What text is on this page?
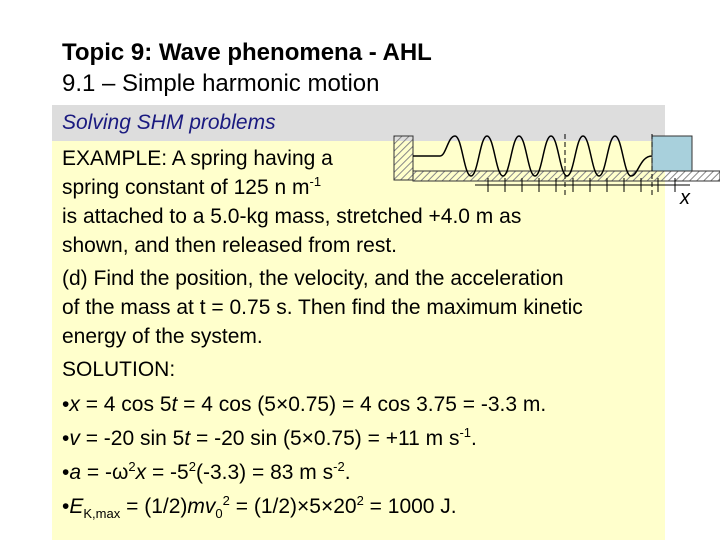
Topic 9: Wave phenomena - AHL
9.1 – Simple harmonic motion
Solving SHM problems
EXAMPLE: A spring having a
spring constant of 125 n $m^{-1}$
is attached to a 5.0-kg mass, stretched +4.0 m as
shown, and then released from rest.
(d) Find the position, the velocity, and the acceleration
of the mass at t = 0.75 s. Then find the maximum kinetic
energy of the system.
SOLUTION:
•x = 4 cos 5t = 4 cos (5×0.75) = 4 cos 3.75 = -3.3 m.
•v = -20 sin 5t = -20 sin (5×0.75) = +11 m $s^{-1}$.
•a = $-\omega^2x = -5^2(-3.3) = 83$ m $s^{-2}$.
$•E_{K,max} = (1/2)mv_0^2 = (1/2)\times 5\times 20^2 = 1000$ J.
x
